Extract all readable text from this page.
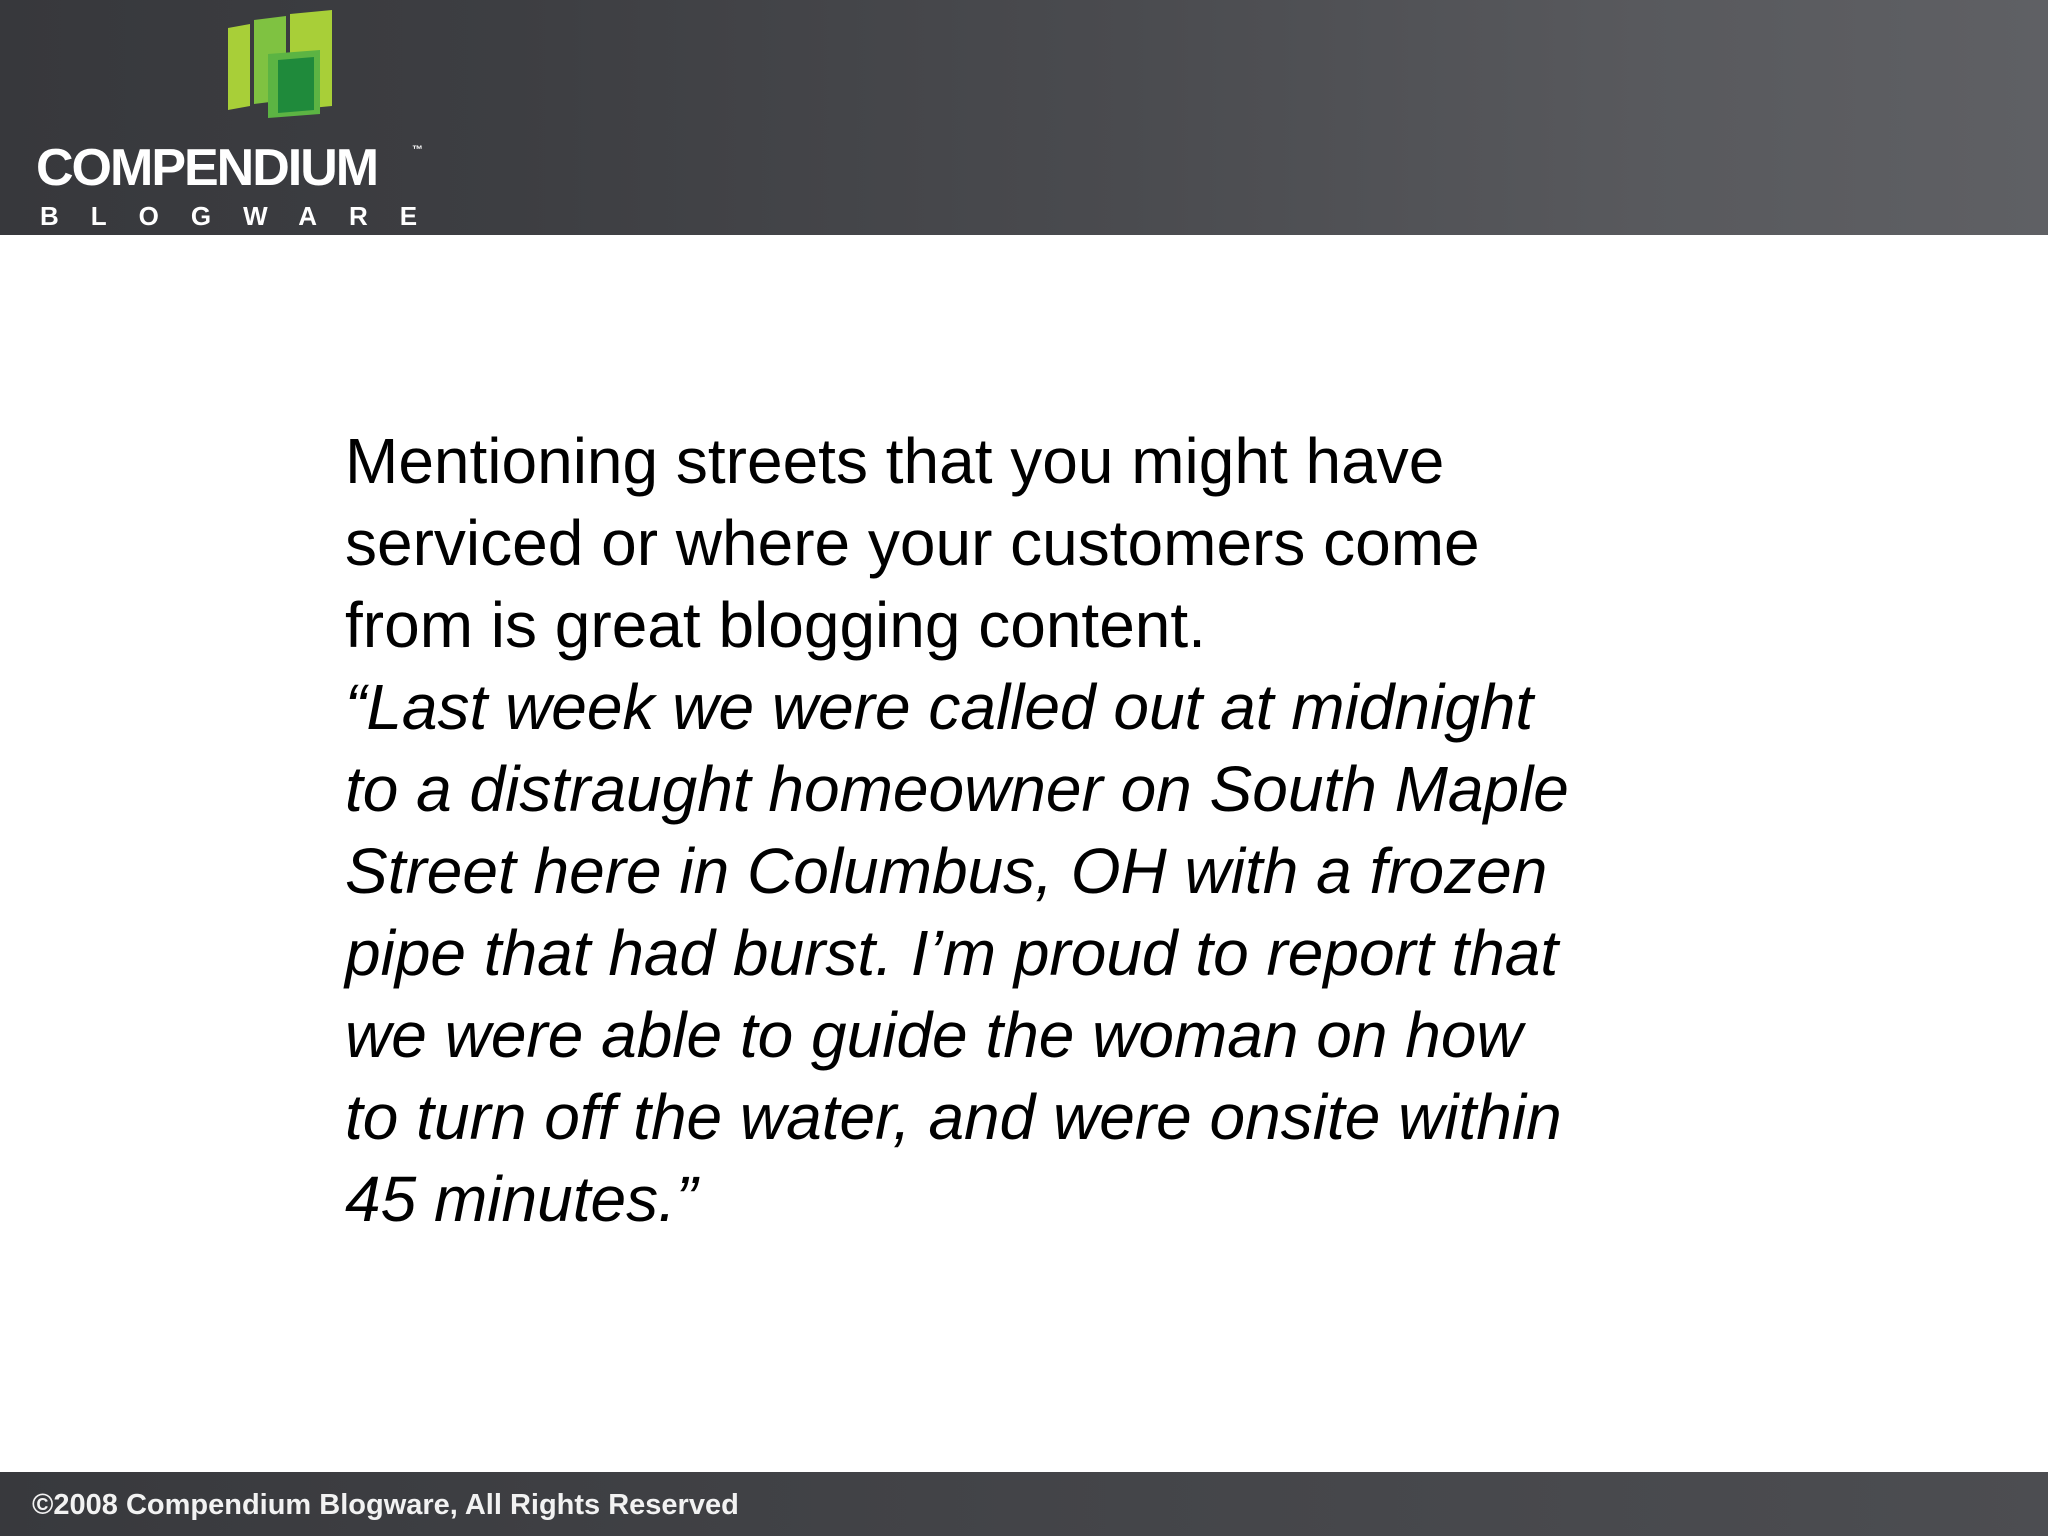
COMPENDIUM	™
BLOGWARE

Mentioning streets that you might have serviced or where your customers come from is great blogging content.

“Last week we were called out at midnight to a distraught homeowner on South Maple Street here in Columbus, OH with a frozen pipe that had burst. I’m proud to report that we were able to guide the woman on how to turn off the water, and were onsite within 45 minutes.”

©2008 Compendium Blogware, All Rights Reserved
